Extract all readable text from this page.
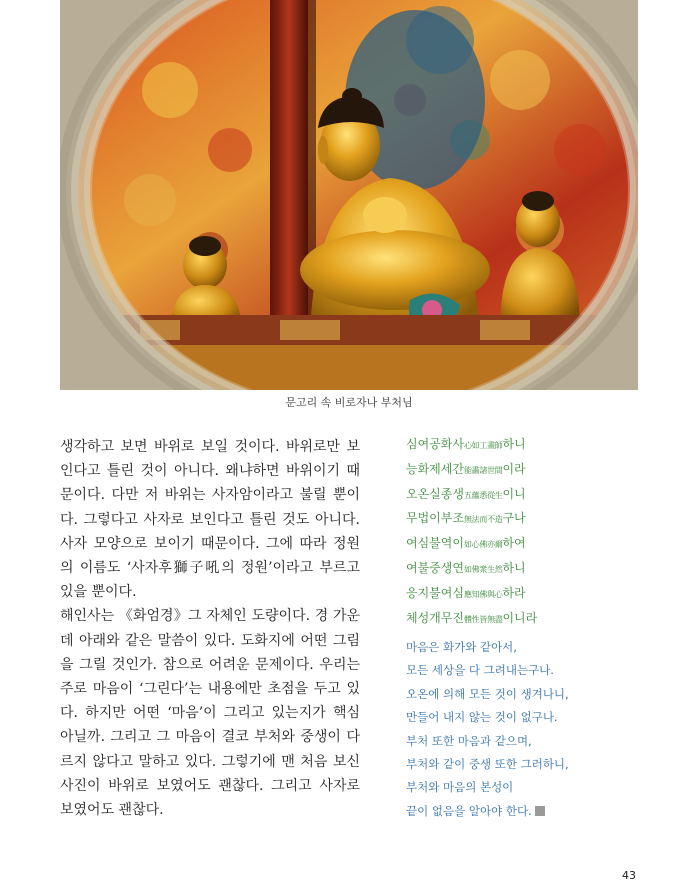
문고리 속 비로자나 부처님

생각하고 보면 바위로 보일 것이다. 바위로만 보인다고 틀린 것이 아니다. 왜냐하면 바위이기 때문이다. 다만 저 바위는 사자암이라고 불릴 뿐이다. 그렇다고 사자로 보인다고 틀린 것도 아니다. 사자 모양으로 보이기 때문이다. 그에 따라 정원의 이름도 ‘사자후獅子吼의 정원’이라고 부르고 있을 뿐이다.

해인사는 《화엄경》그 자체인 도량이다. 경 가운데 아래와 같은 말씀이 있다. 도화지에 어떤 그림을 그릴 것인가. 참으로 어려운 문제이다. 우리는 주로 마음이 ‘그린다’는 내용에만 초점을 두고 있다. 하지만 어떤 ‘마음’이 그리고 있는지가 핵심 아닐까. 그리고 그 마음이 결코 부처와 중생이 다르지 않다고 말하고 있다. 그렇기에 맨 처음 보신 사진이 바위로 보였어도 괜찮다. 그리고 사자로 보였어도 괜찮다.

심여공화사心如工畫師하니
능화제세간能畵諸世間이라
오온실종생五蘊悉從生이니
무법이부조無法而不造구나
여심불역이如心佛亦爾하여
여불중생연如佛衆生然하니
응지불여심應知佛與心하라
체성개무진體性皆無盡이니라
마음은 화가와 같아서,
모든 세상을 다 그려내는구나.
오온에 의해 모든 것이 생겨나니,
만들어 내지 않는 것이 없구나.
부처 또한 마음과 같으며,
부처와 같이 중생 또한 그러하니,
부처와 마음의 본성이
끝이 없음을 알아야 한다.
43
